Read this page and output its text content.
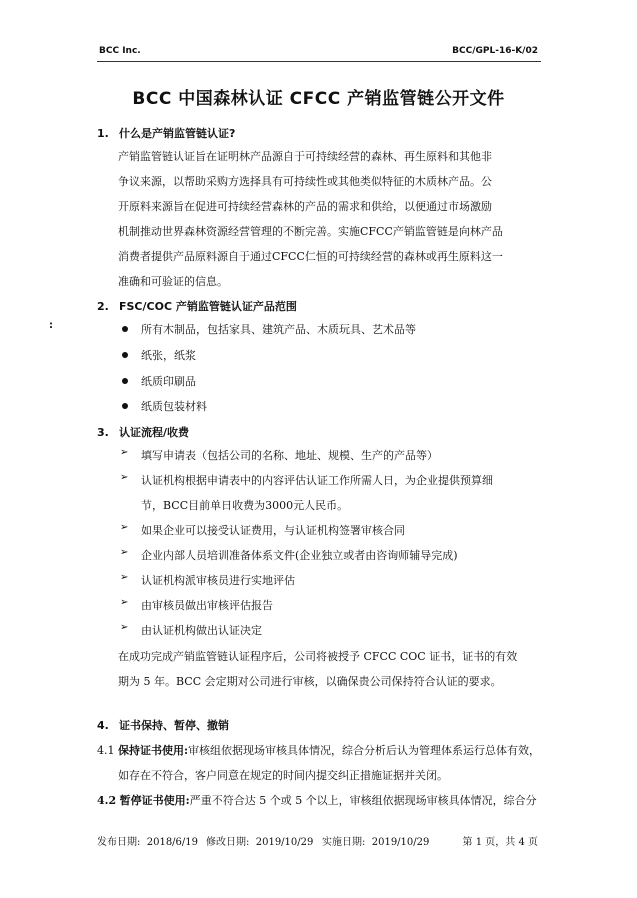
BCC Inc.	BCC/GPL-16-K/02
BCC 中国森林认证 CFCC 产销监管链公开文件
:
1. 什么是产销监管链认证?
产销监管链认证旨在证明林产品源自于可持续经营的森林、再生原料和其他非
争议来源，以帮助采购方选择具有可持续性或其他类似特征的木质林产品。公
开原料来源旨在促进可持续经营森林的产品的需求和供给，以便通过市场激励
机制推动世界森林资源经营管理的不断完善。实施CFCC产销监管链是向林产品
消费者提供产品原料源自于通过CFCC仁恒的可持续经营的森林或再生原料这一
准确和可验证的信息。
2. FSC/COC 产销监管链认证产品范围
所有木制品，包括家具、建筑产品、木质玩具、艺术品等
纸张，纸浆
纸质印刷品
纸质包装材料
3. 认证流程/收费
➢ 填写申请表（包括公司的名称、地址、规模、生产的产品等）
➢ 认证机构根据申请表中的内容评估认证工作所需人日，为企业提供预算细
节，BCC目前单日收费为3000元人民币。
➢ 如果企业可以接受认证费用，与认证机构签署审核合同
➢ 企业内部人员培训准备体系文件(企业独立或者由咨询师辅导完成)
➢ 认证机构派审核员进行实地评估
➢ 由审核员做出审核评估报告
➢ 由认证机构做出认证决定
在成功完成产销监管链认证程序后，公司将被授予 CFCC COC 证书，证书的有效
期为 5 年。BCC 会定期对公司进行审核，以确保贵公司保持符合认证的要求。
4. 证书保持、暂停、撤销
4.1 保持证书使用:审核组依据现场审核具体情况，综合分析后认为管理体系运行总体有效，
如存在不符合，客户同意在规定的时间内提交纠正措施证据并关闭。
4.2 暂停证书使用:严重不符合达 5 个或 5 个以上，审核组依据现场审核具体情况，综合分
发布日期: 2018/6/19 修改日期: 2019/10/29 实施日期: 2019/10/29	第 1 页，共 4 页
